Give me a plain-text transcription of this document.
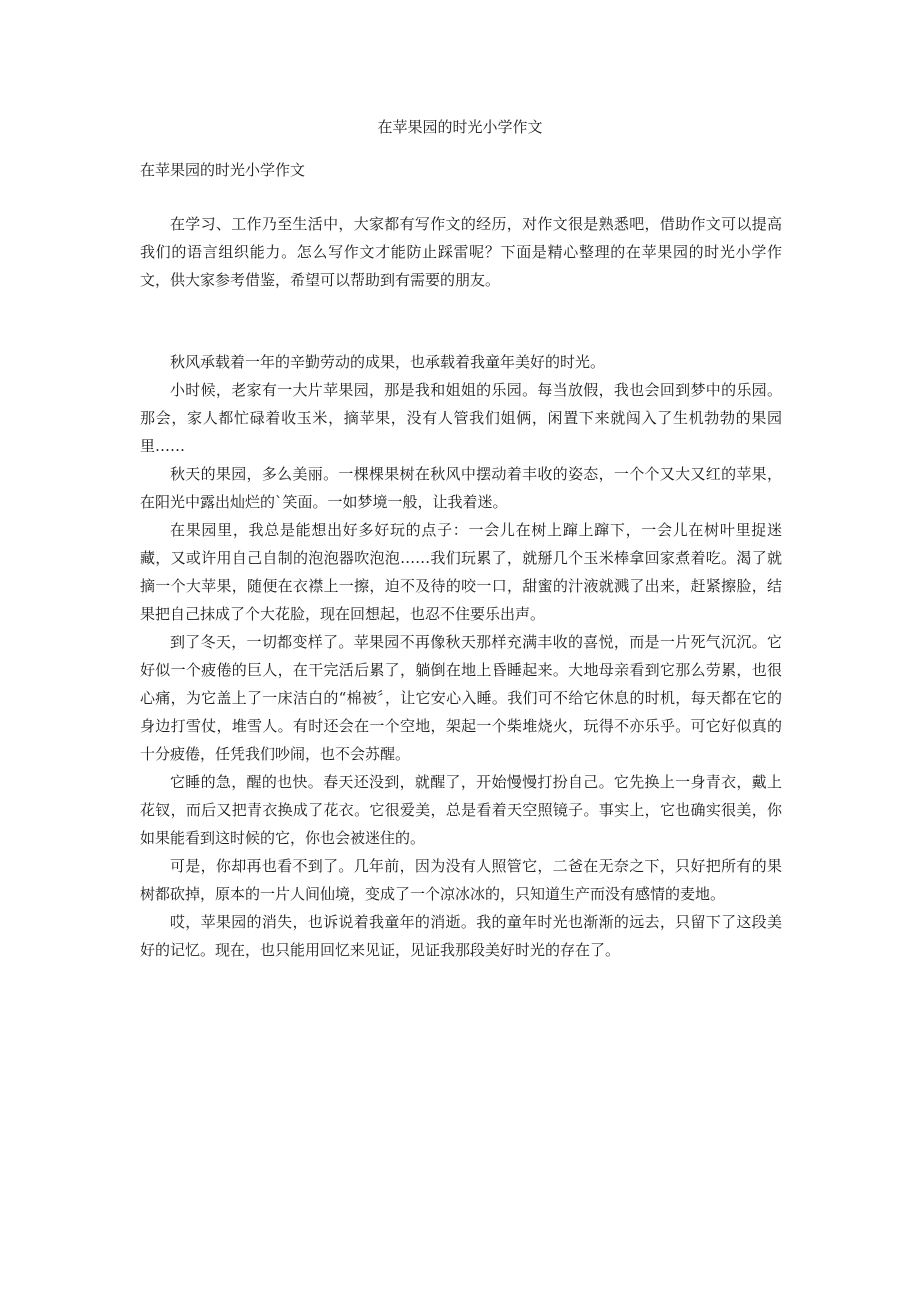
在苹果园的时光小学作文
在苹果园的时光小学作文

在学习、工作乃至生活中，大家都有写作文的经历，对作文很是熟悉吧，借助作文可以提高我们的语言组织能力。怎么写作文才能防止踩雷呢？下面是精心整理的在苹果园的时光小学作文，供大家参考借鉴，希望可以帮助到有需要的朋友。

秋风承载着一年的辛勤劳动的成果，也承载着我童年美好的时光。

小时候，老家有一大片苹果园，那是我和姐姐的乐园。每当放假，我也会回到梦中的乐园。那会，家人都忙碌着收玉米，摘苹果，没有人管我们姐俩，闲置下来就闯入了生机勃勃的果园里……

秋天的果园，多么美丽。一棵棵果树在秋风中摆动着丰收的姿态，一个个又大又红的苹果，在阳光中露出灿烂的`笑面。一如梦境一般，让我着迷。

在果园里，我总是能想出好多好玩的点子：一会儿在树上蹿上蹿下，一会儿在树叶里捉迷藏，又或许用自己自制的泡泡器吹泡泡……我们玩累了，就掰几个玉米棒拿回家煮着吃。渴了就摘一个大苹果，随便在衣襟上一擦，迫不及待的咬一口，甜蜜的汁液就溅了出来，赶紧擦脸，结果把自己抹成了个大花脸，现在回想起，也忍不住要乐出声。

到了冬天，一切都变样了。苹果园不再像秋天那样充满丰收的喜悦，而是一片死气沉沉。它好似一个疲倦的巨人，在干完活后累了，躺倒在地上昏睡起来。大地母亲看到它那么劳累，也很心痛，为它盖上了一床洁白的“棉被〞，让它安心入睡。我们可不给它休息的时机，每天都在它的身边打雪仗，堆雪人。有时还会在一个空地，架起一个柴堆烧火，玩得不亦乐乎。可它好似真的十分疲倦，任凭我们吵闹，也不会苏醒。

它睡的急，醒的也快。春天还没到，就醒了，开始慢慢打扮自己。它先换上一身青衣，戴上花钗，而后又把青衣换成了花衣。它很爱美，总是看着天空照镜子。事实上，它也确实很美，你如果能看到这时候的它，你也会被迷住的。

可是，你却再也看不到了。几年前，因为没有人照管它，二爸在无奈之下，只好把所有的果树都砍掉，原本的一片人间仙境，变成了一个凉冰冰的，只知道生产而没有感情的麦地。

哎，苹果园的消失，也诉说着我童年的消逝。我的童年时光也渐渐的远去，只留下了这段美好的记忆。现在，也只能用回忆来见证，见证我那段美好时光的存在了。
